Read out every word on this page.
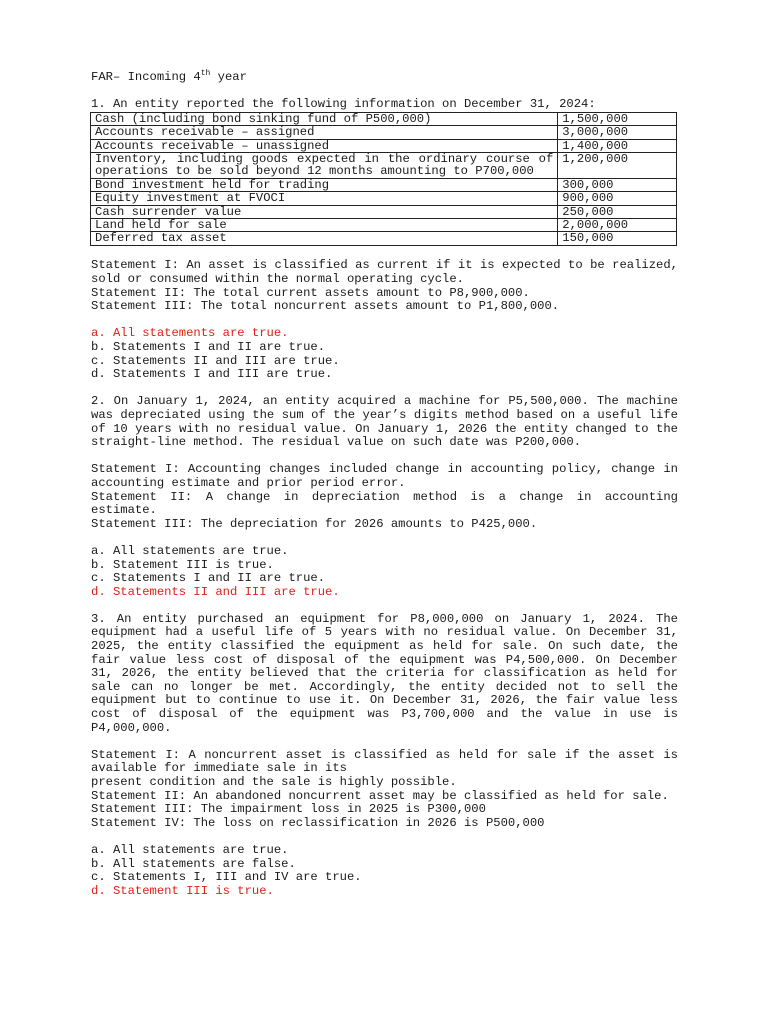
FAR– Incoming 4th year
1. An entity reported the following information on December 31, 2024:
Cash (including bond sinking fund of P500,000)	1,500,000
Accounts receivable – assigned	3,000,000
Accounts receivable – unassigned	1,400,000
Inventory, including goods expected in the ordinary course of operations to be sold beyond 12 months amounting to P700,000	1,200,000
Bond investment held for trading	300,000
Equity investment at FVOCI	900,000
Cash surrender value	250,000
Land held for sale	2,000,000
Deferred tax asset	150,000
Statement I: An asset is classified as current if it is expected to be realized, sold or consumed within the normal operating cycle.
Statement II: The total current assets amount to P8,900,000.
Statement III: The total noncurrent assets amount to P1,800,000.
a. All statements are true.
b. Statements I and II are true.
c. Statements II and III are true.
d. Statements I and III are true.
2. On January 1, 2024, an entity acquired a machine for P5,500,000. The machine was depreciated using the sum of the year’s digits method based on a useful life of 10 years with no residual value. On January 1, 2026 the entity changed to the straight-line method. The residual value on such date was P200,000.
Statement I: Accounting changes included change in accounting policy, change in accounting estimate and prior period error.
Statement II: A change in depreciation method is a change in accounting estimate.
Statement III: The depreciation for 2026 amounts to P425,000.
a. All statements are true.
b. Statement III is true.
c. Statements I and II are true.
d. Statements II and III are true.
3. An entity purchased an equipment for P8,000,000 on January 1, 2024. The equipment had a useful life of 5 years with no residual value. On December 31, 2025, the entity classified the equipment as held for sale. On such date, the fair value less cost of disposal of the equipment was P4,500,000. On December 31, 2026, the entity believed that the criteria for classification as held for sale can no longer be met. Accordingly, the entity decided not to sell the equipment but to continue to use it. On December 31, 2026, the fair value less cost of disposal of the equipment was P3,700,000 and the value in use is P4,000,000.
Statement I: A noncurrent asset is classified as held for sale if the asset is available for immediate sale in its
present condition and the sale is highly possible.
Statement II: An abandoned noncurrent asset may be classified as held for sale.
Statement III: The impairment loss in 2025 is P300,000
Statement IV: The loss on reclassification in 2026 is P500,000
a. All statements are true.
b. All statements are false.
c. Statements I, III and IV are true.
d. Statement III is true.
